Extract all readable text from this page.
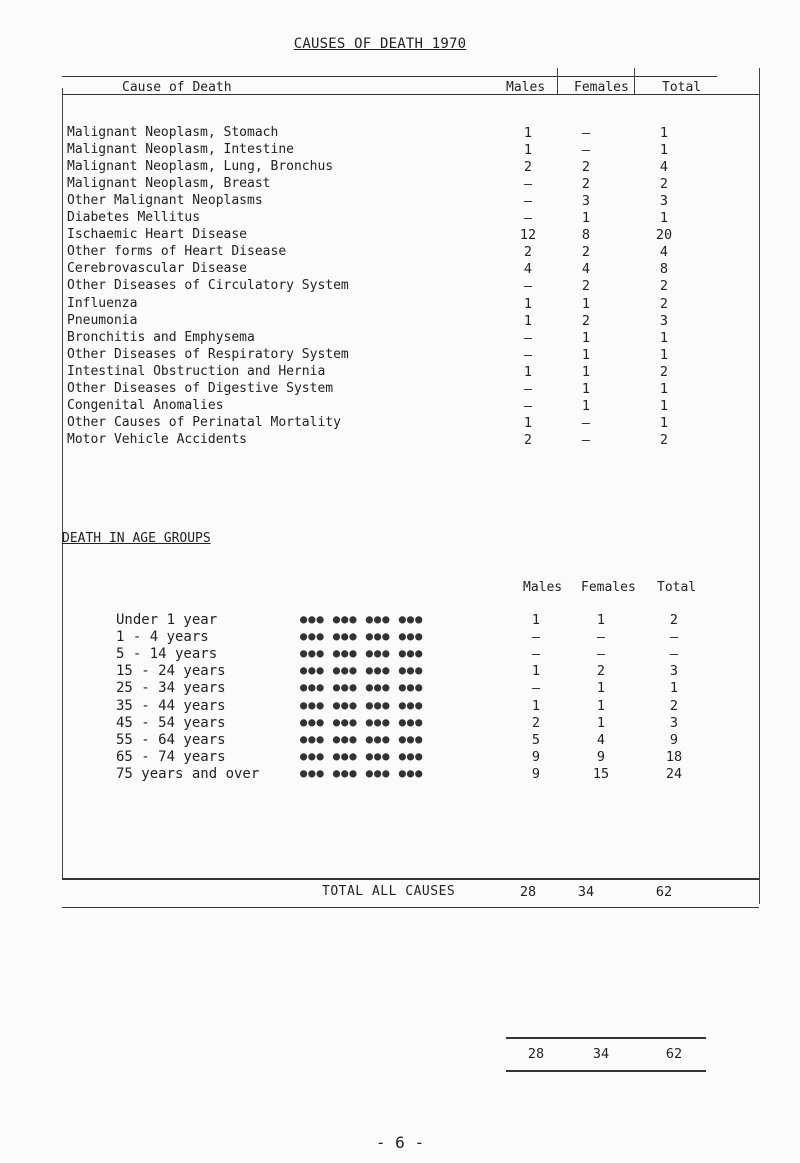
CAUSES OF DEATH 1970
Cause of Death	Males Females	Total
Malignant Neoplasm, Stomach	1	–	1
Malignant Neoplasm, Intestine	1	–	1
Malignant Neoplasm, Lung, Bronchus	2	2	4
Malignant Neoplasm, Breast	–	2	2
Other Malignant Neoplasms	–	3	3
Diabetes Mellitus	–	1	1
Ischaemic Heart Disease	12	8	20
Other forms of Heart Disease	2	2	4
Cerebrovascular Disease	4	4	8
Other Diseases of Circulatory System	–	2	2
Influenza	1	1	2
Pneumonia	1	2	3
Bronchitis and Emphysema	–	1	1
Other Diseases of Respiratory System	–	1	1
Intestinal Obstruction and Hernia	1	1	2
Other Diseases of Digestive System	–	1	1
Congenital Anomalies	–	1	1
Other Causes of Perinatal Mortality	1	–	1
Motor Vehicle Accidents	2	–	2
TOTAL ALL CAUSES	28	34	62
DEATH IN AGE GROUPS
Males Females Total
Under 1 year	●●● ●●● ●●● ●●●	1	1	2
1 - 4 years	●●● ●●● ●●● ●●●	–	–	–
5 - 14 years	●●● ●●● ●●● ●●●	–	–	–
15 - 24 years	●●● ●●● ●●● ●●●	1	2	3
25 - 34 years	●●● ●●● ●●● ●●●	–	1	1
35 - 44 years	●●● ●●● ●●● ●●●	1	1	2
45 - 54 years	●●● ●●● ●●● ●●●	2	1	3
55 - 64 years	●●● ●●● ●●● ●●●	5	4	9
65 - 74 years	●●● ●●● ●●● ●●●	9	9	18
75 years and over	●●● ●●● ●●● ●●●	9	15	24
28	34	62
- 6 -
